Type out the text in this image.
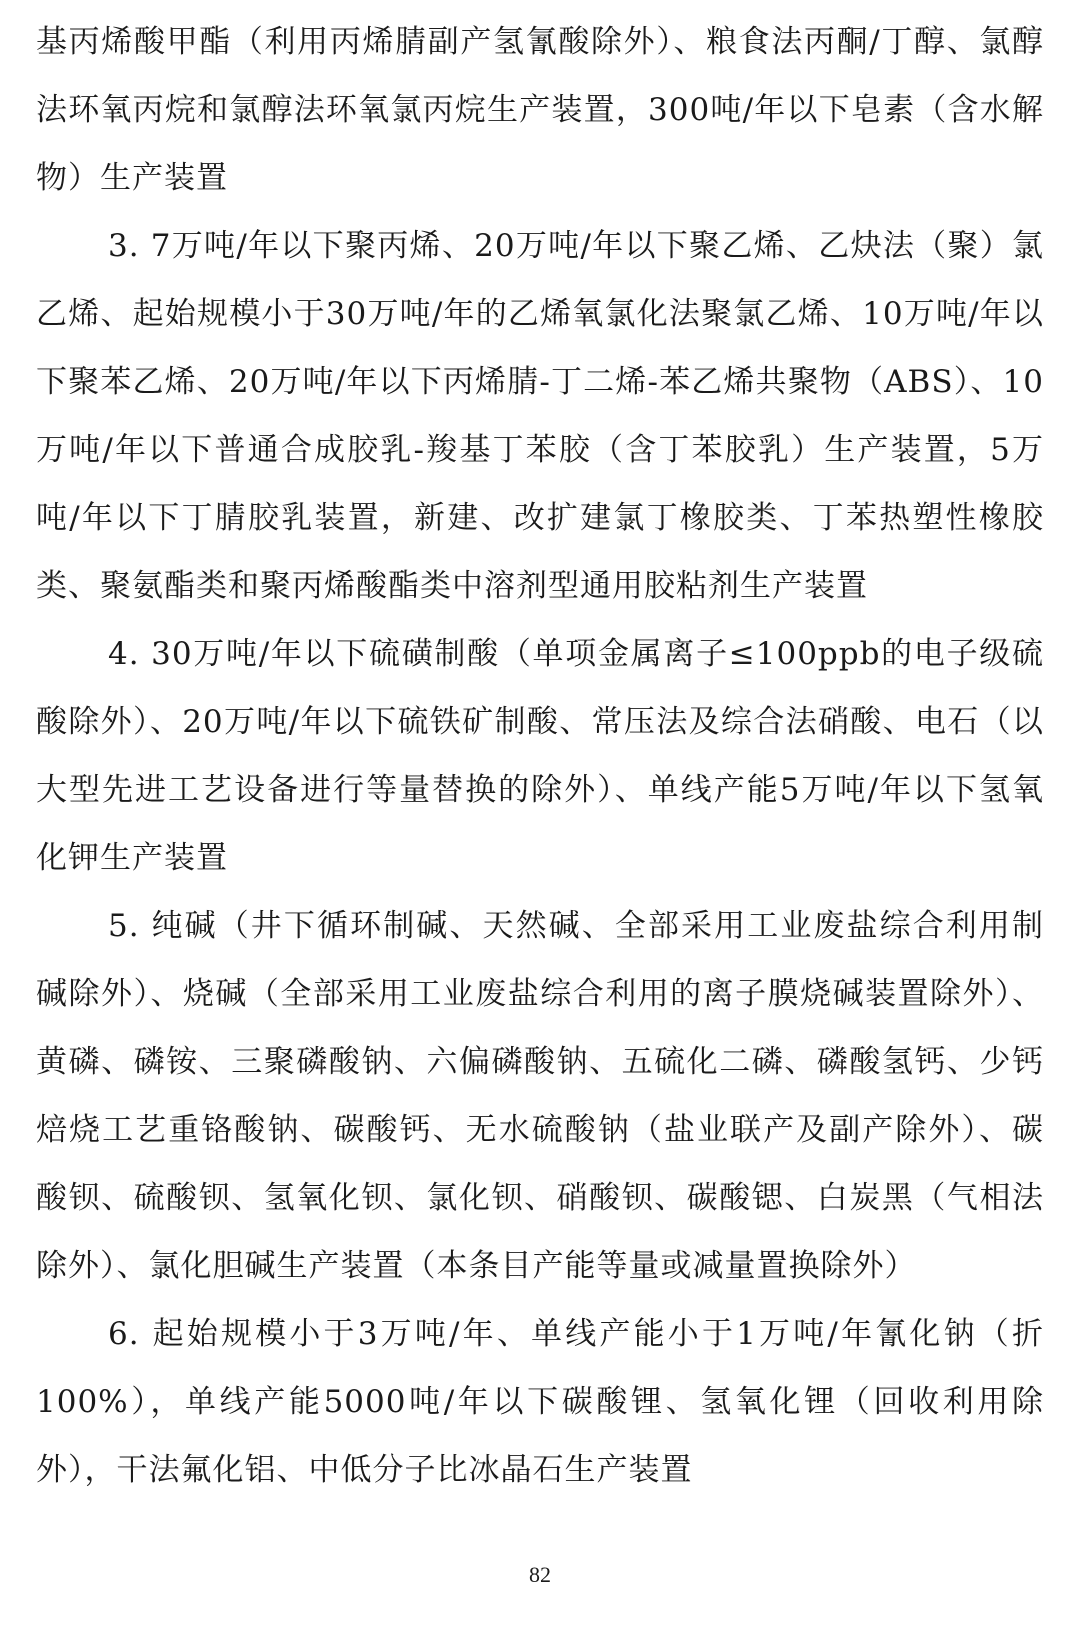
基丙烯酸甲酯（利用丙烯腈副产氢氰酸除外）、粮食法丙酮/丁醇、氯醇法环氧丙烷和氯醇法环氧氯丙烷生产装置，300吨/年以下皂素（含水解物）生产装置

3. 7万吨/年以下聚丙烯、20万吨/年以下聚乙烯、乙炔法（聚）氯乙烯、起始规模小于30万吨/年的乙烯氧氯化法聚氯乙烯、10万吨/年以下聚苯乙烯、20万吨/年以下丙烯腈-丁二烯-苯乙烯共聚物（ABS）、10万吨/年以下普通合成胶乳-羧基丁苯胶（含丁苯胶乳）生产装置，5万吨/年以下丁腈胶乳装置，新建、改扩建氯丁橡胶类、丁苯热塑性橡胶类、聚氨酯类和聚丙烯酸酯类中溶剂型通用胶粘剂生产装置

4. 30万吨/年以下硫磺制酸（单项金属离子≤100ppb的电子级硫酸除外）、20万吨/年以下硫铁矿制酸、常压法及综合法硝酸、电石（以大型先进工艺设备进行等量替换的除外）、单线产能5万吨/年以下氢氧化钾生产装置

5. 纯碱（井下循环制碱、天然碱、全部采用工业废盐综合利用制碱除外）、烧碱（全部采用工业废盐综合利用的离子膜烧碱装置除外）、黄磷、磷铵、三聚磷酸钠、六偏磷酸钠、五硫化二磷、磷酸氢钙、少钙焙烧工艺重铬酸钠、碳酸钙、无水硫酸钠（盐业联产及副产除外）、碳酸钡、硫酸钡、氢氧化钡、氯化钡、硝酸钡、碳酸锶、白炭黑（气相法除外）、氯化胆碱生产装置（本条目产能等量或减量置换除外）

6. 起始规模小于3万吨/年、单线产能小于1万吨/年氰化钠（折100%），单线产能5000吨/年以下碳酸锂、氢氧化锂（回收利用除外），干法氟化铝、中低分子比冰晶石生产装置

82
